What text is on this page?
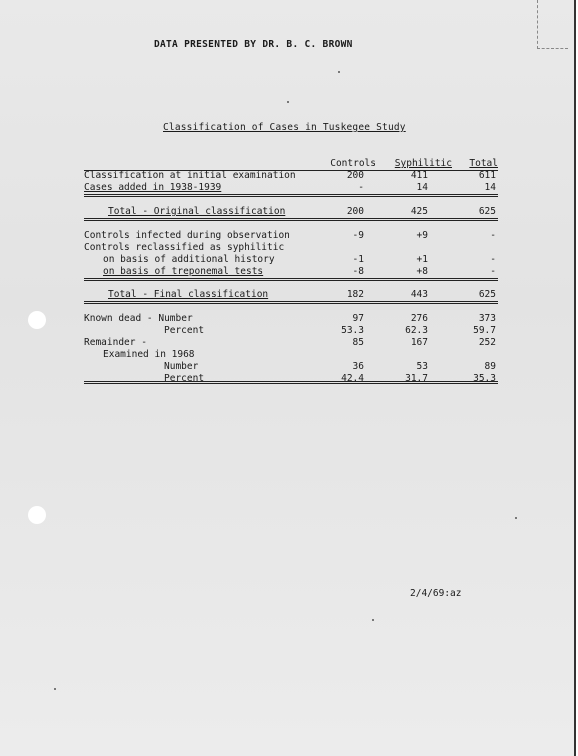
DATA PRESENTED BY DR. B. C. BROWN
Classification of Cases in Tuskegee Study
Controls Syphilitic Total
Classification at initial examination	200	411	611
Cases added in 1938-1939	-	14	14
Total - Original classification	200	425	625
Controls infected during observation	-9	+9	-
Controls reclassified as syphilitic
on basis of additional history	-1	+1	-
on basis of treponemal tests	-8	+8	-
Total - Final classification	182	443	625
Known dead - Number	97	276	373
Percent	53.3	62.3	59.7
Remainder -	85	167	252
Examined in 1968
Number	36	53	89
Percent	42.4	31.7	35.3
2/4/69:az
